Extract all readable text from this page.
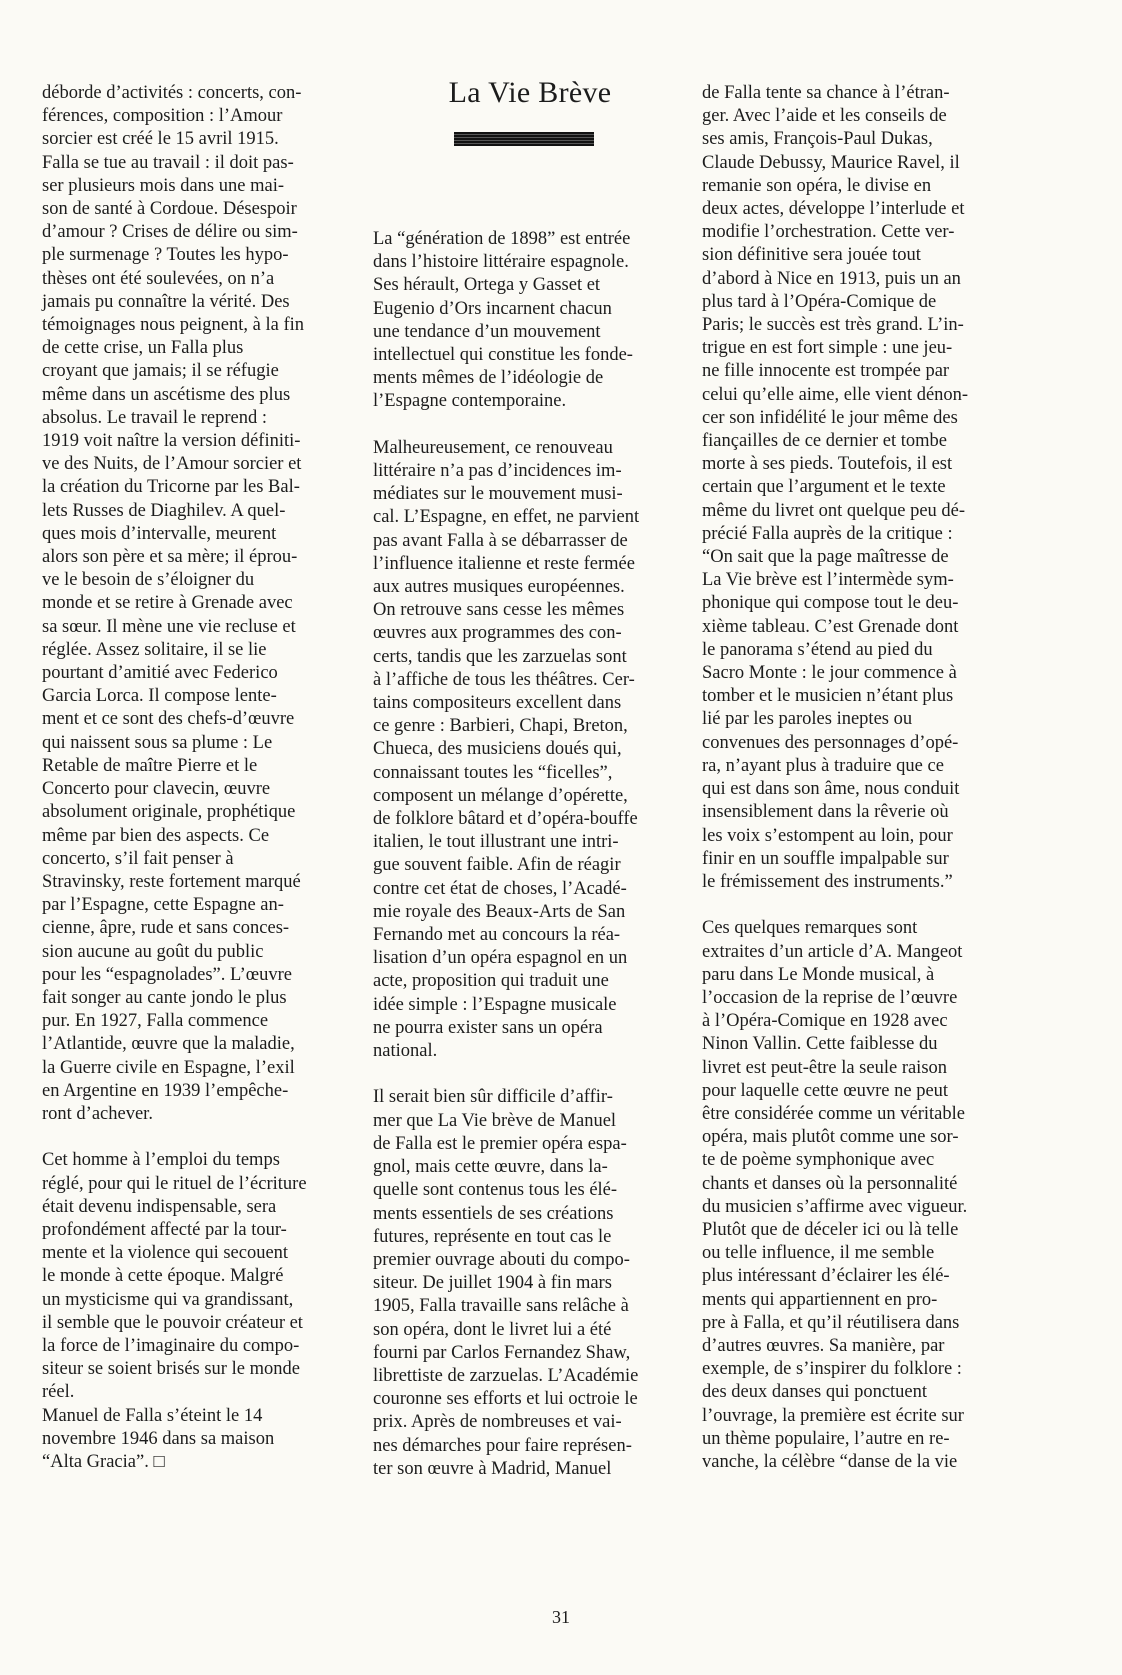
La Vie Brève

déborde d’activités : concerts, con-

férences, composition : l’Amour

sorcier est créé le 15 avril 1915.

Falla se tue au travail : il doit pas-

ser plusieurs mois dans une mai-

son de santé à Cordoue. Désespoir

d’amour ? Crises de délire ou sim-

ple surmenage ? Toutes les hypo-

thèses ont été soulevées, on n’a

jamais pu connaître la vérité. Des

témoignages nous peignent, à la fin

de cette crise, un Falla plus

croyant que jamais; il se réfugie

même dans un ascétisme des plus

absolus. Le travail le reprend :

1919 voit naître la version définiti-

ve des Nuits, de l’Amour sorcier et

la création du Tricorne par les Bal-

lets Russes de Diaghilev. A quel-

ques mois d’intervalle, meurent

alors son père et sa mère; il éprou-

ve le besoin de s’éloigner du

monde et se retire à Grenade avec

sa sœur. Il mène une vie recluse et

réglée. Assez solitaire, il se lie

pourtant d’amitié avec Federico

Garcia Lorca. Il compose lente-

ment et ce sont des chefs-d’œuvre

qui naissent sous sa plume : Le

Retable de maître Pierre et le

Concerto pour clavecin, œuvre

absolument originale, prophétique

même par bien des aspects. Ce

concerto, s’il fait penser à

Stravinsky, reste fortement marqué

par l’Espagne, cette Espagne an-

cienne, âpre, rude et sans conces-

sion aucune au goût du public

pour les “espagnolades”. L’œuvre

fait songer au cante jondo le plus

pur. En 1927, Falla commence

l’Atlantide, œuvre que la maladie,

la Guerre civile en Espagne, l’exil

en Argentine en 1939 l’empêche-

ront d’achever.

Cet homme à l’emploi du temps

réglé, pour qui le rituel de l’écriture

était devenu indispensable, sera

profondément affecté par la tour-

mente et la violence qui secouent

le monde à cette époque. Malgré

un mysticisme qui va grandissant,

il semble que le pouvoir créateur et

la force de l’imaginaire du compo-

siteur se soient brisés sur le monde

réel.

Manuel de Falla s’éteint le 14

novembre 1946 dans sa maison

“Alta Gracia”. □

La “génération de 1898” est entrée

dans l’histoire littéraire espagnole.

Ses hérault, Ortega y Gasset et

Eugenio d’Ors incarnent chacun

une tendance d’un mouvement

intellectuel qui constitue les fonde-

ments mêmes de l’idéologie de

l’Espagne contemporaine.

Malheureusement, ce renouveau

littéraire n’a pas d’incidences im-

médiates sur le mouvement musi-

cal. L’Espagne, en effet, ne parvient

pas avant Falla à se débarrasser de

l’influence italienne et reste fermée

aux autres musiques européennes.

On retrouve sans cesse les mêmes

œuvres aux programmes des con-

certs, tandis que les zarzuelas sont

à l’affiche de tous les théâtres. Cer-

tains compositeurs excellent dans

ce genre : Barbieri, Chapi, Breton,

Chueca, des musiciens doués qui,

connaissant toutes les “ficelles”,

composent un mélange d’opérette,

de folklore bâtard et d’opéra-bouffe

italien, le tout illustrant une intri-

gue souvent faible. Afin de réagir

contre cet état de choses, l’Acadé-

mie royale des Beaux-Arts de San

Fernando met au concours la réa-

lisation d’un opéra espagnol en un

acte, proposition qui traduit une

idée simple : l’Espagne musicale

ne pourra exister sans un opéra

national.

Il serait bien sûr difficile d’affir-

mer que La Vie brève de Manuel

de Falla est le premier opéra espa-

gnol, mais cette œuvre, dans la-

quelle sont contenus tous les élé-

ments essentiels de ses créations

futures, représente en tout cas le

premier ouvrage abouti du compo-

siteur. De juillet 1904 à fin mars

1905, Falla travaille sans relâche à

son opéra, dont le livret lui a été

fourni par Carlos Fernandez Shaw,

librettiste de zarzuelas. L’Académie

couronne ses efforts et lui octroie le

prix. Après de nombreuses et vai-

nes démarches pour faire représen-

ter son œuvre à Madrid, Manuel

de Falla tente sa chance à l’étran-

ger. Avec l’aide et les conseils de

ses amis, François-Paul Dukas,

Claude Debussy, Maurice Ravel, il

remanie son opéra, le divise en

deux actes, développe l’interlude et

modifie l’orchestration. Cette ver-

sion définitive sera jouée tout

d’abord à Nice en 1913, puis un an

plus tard à l’Opéra-Comique de

Paris; le succès est très grand. L’in-

trigue en est fort simple : une jeu-

ne fille innocente est trompée par

celui qu’elle aime, elle vient dénon-

cer son infidélité le jour même des

fiançailles de ce dernier et tombe

morte à ses pieds. Toutefois, il est

certain que l’argument et le texte

même du livret ont quelque peu dé-

précié Falla auprès de la critique :

“On sait que la page maîtresse de

La Vie brève est l’intermède sym-

phonique qui compose tout le deu-

xième tableau. C’est Grenade dont

le panorama s’étend au pied du

Sacro Monte : le jour commence à

tomber et le musicien n’étant plus

lié par les paroles ineptes ou

convenues des personnages d’opé-

ra, n’ayant plus à traduire que ce

qui est dans son âme, nous conduit

insensiblement dans la rêverie où

les voix s’estompent au loin, pour

finir en un souffle impalpable sur

le frémissement des instruments.”

Ces quelques remarques sont

extraites d’un article d’A. Mangeot

paru dans Le Monde musical, à

l’occasion de la reprise de l’œuvre

à l’Opéra-Comique en 1928 avec

Ninon Vallin. Cette faiblesse du

livret est peut-être la seule raison

pour laquelle cette œuvre ne peut

être considérée comme un véritable

opéra, mais plutôt comme une sor-

te de poème symphonique avec

chants et danses où la personnalité

du musicien s’affirme avec vigueur.

Plutôt que de déceler ici ou là telle

ou telle influence, il me semble

plus intéressant d’éclairer les élé-

ments qui appartiennent en pro-

pre à Falla, et qu’il réutilisera dans

d’autres œuvres. Sa manière, par

exemple, de s’inspirer du folklore :

des deux danses qui ponctuent

l’ouvrage, la première est écrite sur

un thème populaire, l’autre en re-

vanche, la célèbre “danse de la vie

31
